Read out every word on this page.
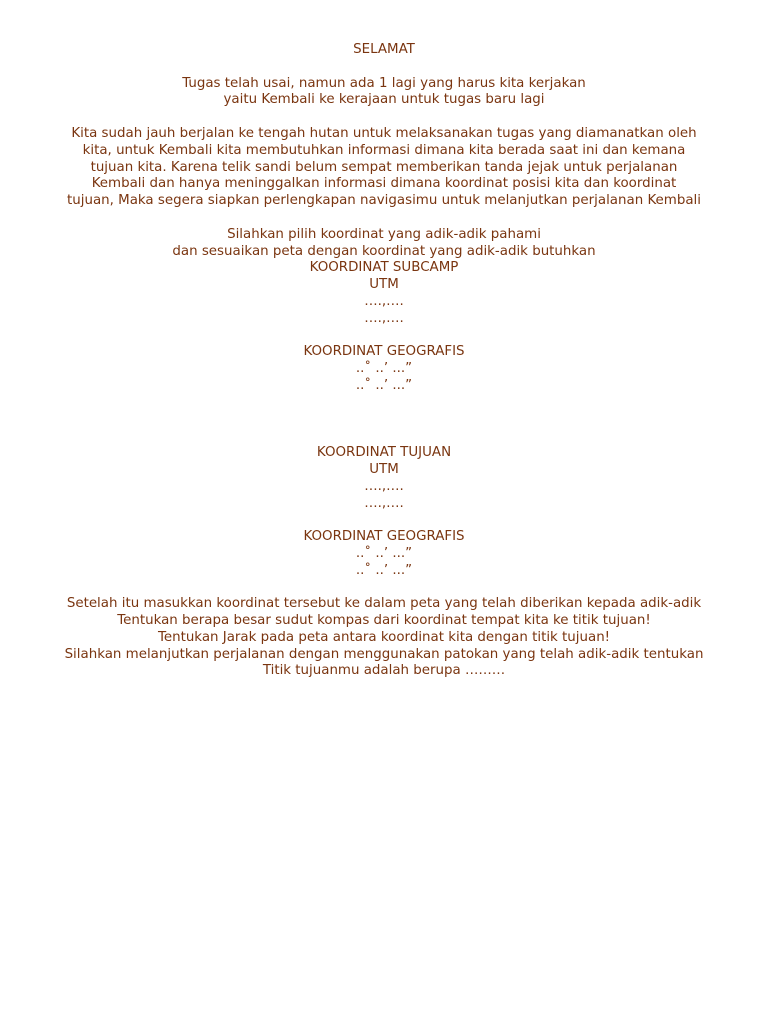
SELAMAT
Tugas telah usai, namun ada 1 lagi yang harus kita kerjakan
yaitu Kembali ke kerajaan untuk tugas baru lagi
Kita sudah jauh berjalan ke tengah hutan untuk melaksanakan tugas yang diamanatkan oleh
kita, untuk Kembali kita membutuhkan informasi dimana kita berada saat ini dan kemana
tujuan kita. Karena telik sandi belum sempat memberikan tanda jejak untuk perjalanan
Kembali dan hanya meninggalkan informasi dimana koordinat posisi kita dan koordinat
tujuan, Maka segera siapkan perlengkapan navigasimu untuk melanjutkan perjalanan Kembali
Silahkan pilih koordinat yang adik-adik pahami
dan sesuaikan peta dengan koordinat yang adik-adik butuhkan
KOORDINAT SUBCAMP
UTM
….,….
….,….
KOORDINAT GEOGRAFIS
..˚ ..’ ...”
..˚ ..’ ...”
KOORDINAT TUJUAN
UTM
….,….
….,….
KOORDINAT GEOGRAFIS
..˚ ..’ ...”
..˚ ..’ ...”
Setelah itu masukkan koordinat tersebut ke dalam peta yang telah diberikan kepada adik-adik
Tentukan berapa besar sudut kompas dari koordinat tempat kita ke titik tujuan!
Tentukan Jarak pada peta antara koordinat kita dengan titik tujuan!
Silahkan melanjutkan perjalanan dengan menggunakan patokan yang telah adik-adik tentukan
Titik tujuanmu adalah berupa ………
